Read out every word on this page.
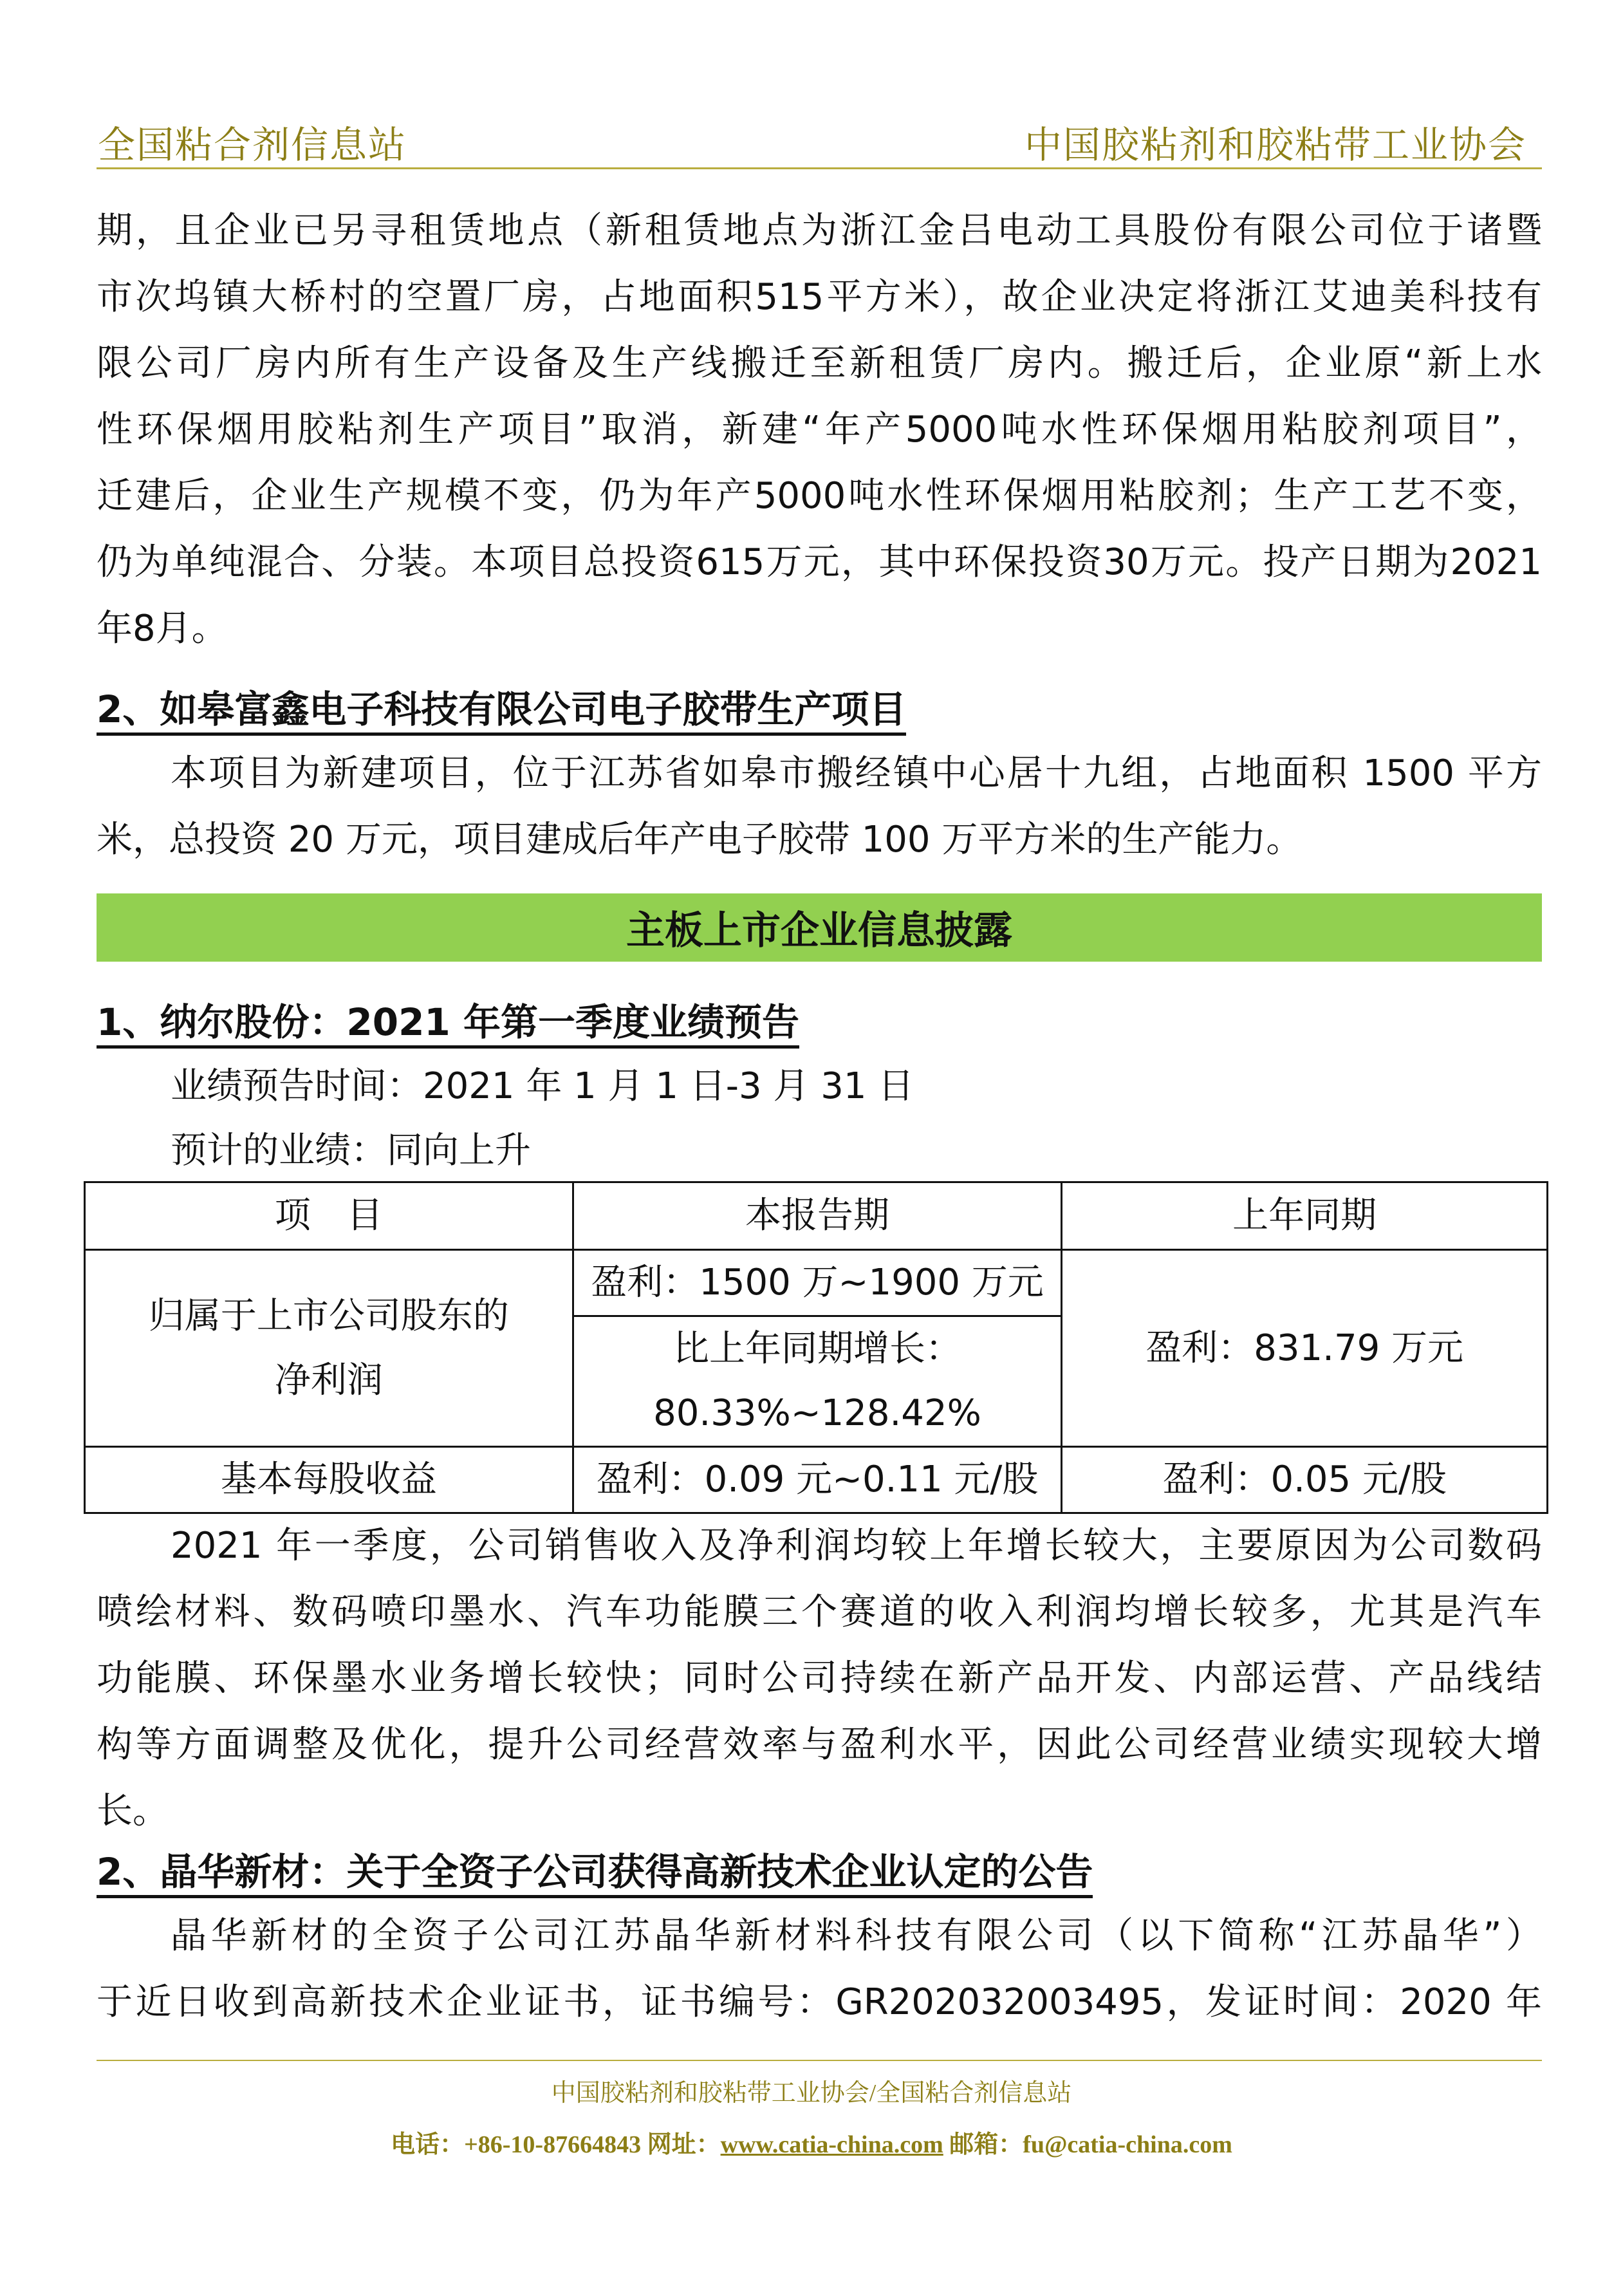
全国粘合剂信息站	中国胶粘剂和胶粘带工业协会
期，且企业已另寻租赁地点（新租赁地点为浙江金吕电动工具股份有限公司位于诸暨
市次坞镇大桥村的空置厂房，占地面积515平方米），故企业决定将浙江艾迪美科技有
限公司厂房内所有生产设备及生产线搬迁至新租赁厂房内。搬迁后，企业原“新上水
性环保烟用胶粘剂生产项目”取消，新建“年产5000吨水性环保烟用粘胶剂项目”，
迁建后，企业生产规模不变，仍为年产5000吨水性环保烟用粘胶剂；生产工艺不变，
仍为单纯混合、分装。本项目总投资615万元，其中环保投资30万元。投产日期为2021
年8月。
2、如皋富鑫电子科技有限公司电子胶带生产项目
本项目为新建项目，位于江苏省如皋市搬经镇中心居十九组，占地面积 1500 平方
米，总投资 20 万元，项目建成后年产电子胶带 100 万平方米的生产能力。
主板上市企业信息披露
1、纳尔股份：2021 年第一季度业绩预告
业绩预告时间：2021 年 1 月 1 日-3 月 31 日
预计的业绩：同向上升
项　目	本报告期	上年同期
归属于上市公司股东的净利润	盈利：1500 万~1900 万元	盈利：831.79 万元
	比上年同期增长：80.33%~128.42%	
基本每股收益	盈利：0.09 元~0.11 元/股	盈利：0.05 元/股
2021 年一季度，公司销售收入及净利润均较上年增长较大，主要原因为公司数码
喷绘材料、数码喷印墨水、汽车功能膜三个赛道的收入利润均增长较多，尤其是汽车
功能膜、环保墨水业务增长较快；同时公司持续在新产品开发、内部运营、产品线结
构等方面调整及优化，提升公司经营效率与盈利水平，因此公司经营业绩实现较大增
长。
2、晶华新材：关于全资子公司获得高新技术企业认定的公告
晶华新材的全资子公司江苏晶华新材料科技有限公司（以下简称“江苏晶华”）
于近日收到高新技术企业证书，证书编号：GR202032003495，发证时间：2020 年
中国胶粘剂和胶粘带工业协会/全国粘合剂信息站
电话：+86-10-87664843 网址：www.catia-china.com 邮箱：fu@catia-china.com
